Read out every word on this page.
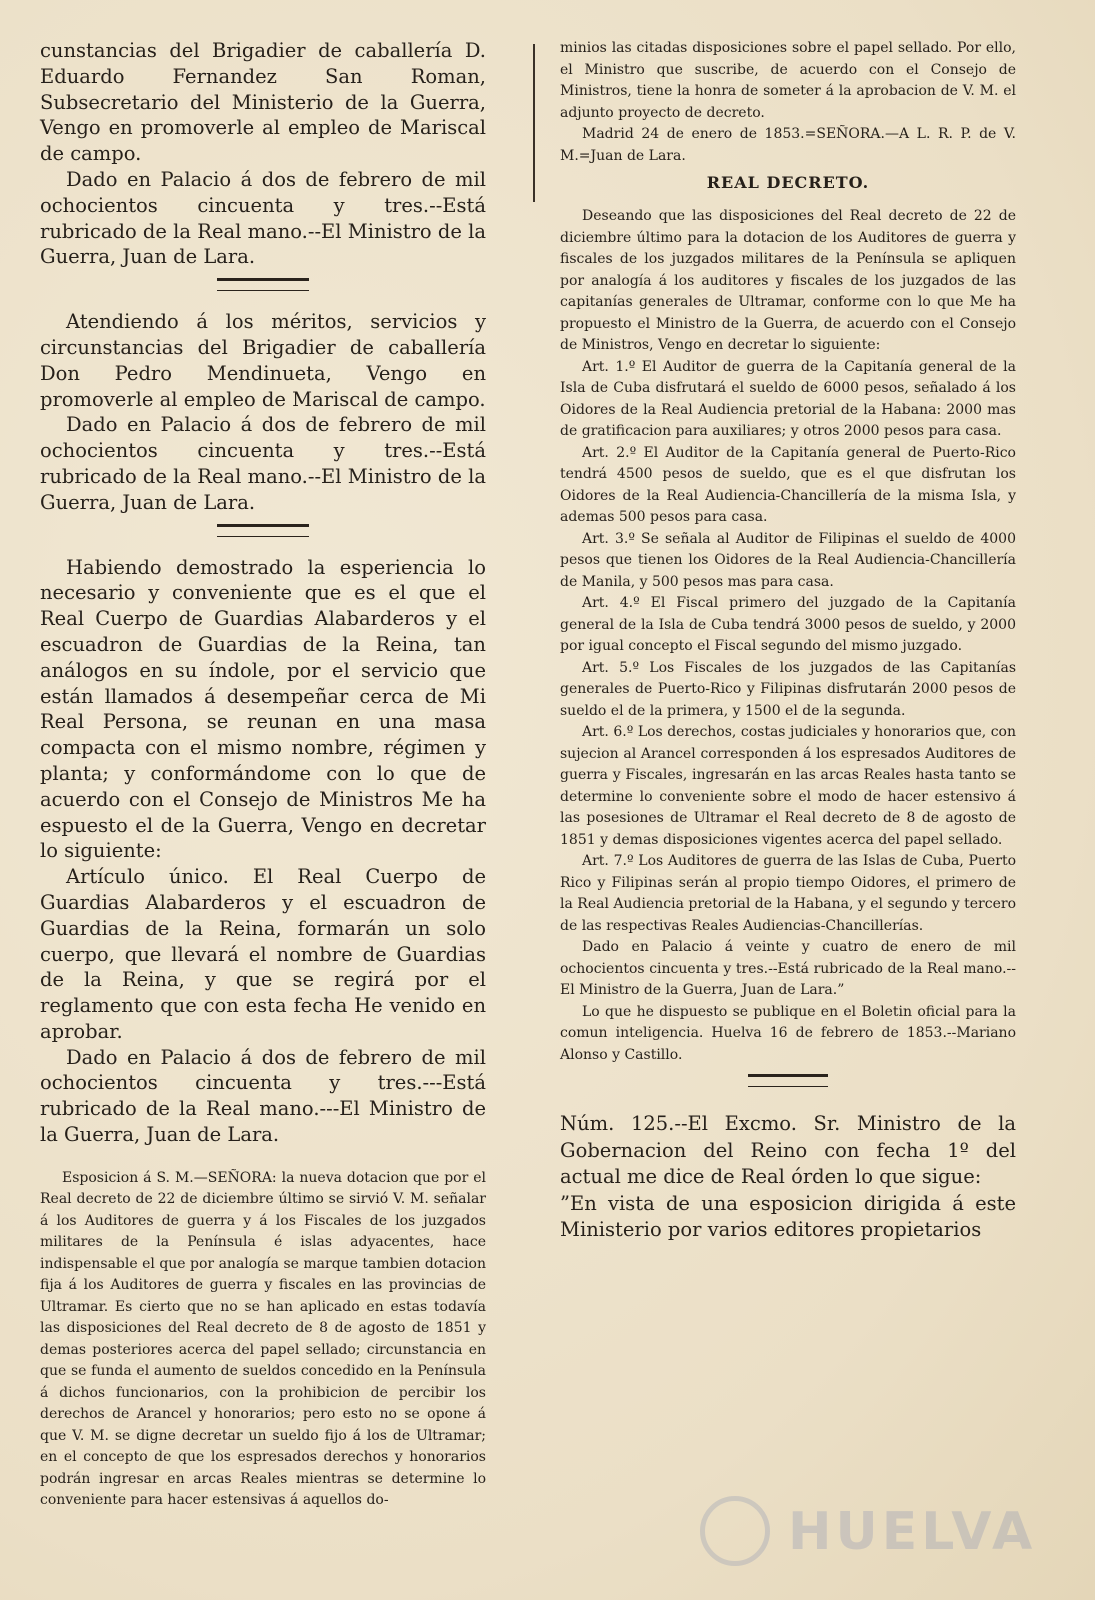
cunstancias del Brigadier de caballería D. Eduardo Fernandez San Roman, Subsecretario del Ministerio de la Guerra, Vengo en promoverle al empleo de Mariscal de campo.

Dado en Palacio á dos de febrero de mil ochocientos cincuenta y tres.--Está rubricado de la Real mano.--El Ministro de la Guerra, Juan de Lara.

Atendiendo á los méritos, servicios y circunstancias del Brigadier de caballería Don Pedro Mendinueta, Vengo en promoverle al empleo de Mariscal de campo.

Dado en Palacio á dos de febrero de mil ochocientos cincuenta y tres.--Está rubricado de la Real mano.--El Ministro de la Guerra, Juan de Lara.

Habiendo demostrado la esperiencia lo necesario y conveniente que es el que el Real Cuerpo de Guardias Alabarderos y el escuadron de Guardias de la Reina, tan análogos en su índole, por el servicio que están llamados á desempeñar cerca de Mi Real Persona, se reunan en una masa compacta con el mismo nombre, régimen y planta; y conformándome con lo que de acuerdo con el Consejo de Ministros Me ha espuesto el de la Guerra, Vengo en decretar lo siguiente:

Artículo único. El Real Cuerpo de Guardias Alabarderos y el escuadron de Guardias de la Reina, formarán un solo cuerpo, que llevará el nombre de Guardias de la Reina, y que se regirá por el reglamento que con esta fecha He venido en aprobar.

Dado en Palacio á dos de febrero de mil ochocientos cincuenta y tres.---Está rubricado de la Real mano.---El Ministro de la Guerra, Juan de Lara.

Esposicion á S. M.—SEÑORA: la nueva dotacion que por el Real decreto de 22 de diciembre último se sirvió V. M. señalar á los Auditores de guerra y á los Fiscales de los juzgados militares de la Península é islas adyacentes, hace indispensable el que por analogía se marque tambien dotacion fija á los Auditores de guerra y fiscales en las provincias de Ultramar. Es cierto que no se han aplicado en estas todavía las disposiciones del Real decreto de 8 de agosto de 1851 y demas posteriores acerca del papel sellado; circunstancia en que se funda el aumento de sueldos concedido en la Península á dichos funcionarios, con la prohibicion de percibir los derechos de Arancel y honorarios; pero esto no se opone á que V. M. se digne decretar un sueldo fijo á los de Ultramar; en el concepto de que los espresados derechos y honorarios podrán ingresar en arcas Reales mientras se determine lo conveniente para hacer estensivas á aquellos do-

minios las citadas disposiciones sobre el papel sellado. Por ello, el Ministro que suscribe, de acuerdo con el Consejo de Ministros, tiene la honra de someter á la aprobacion de V. M. el adjunto proyecto de decreto.

Madrid 24 de enero de 1853.=SEÑORA.—A L. R. P. de V. M.=Juan de Lara.

REAL DECRETO.

Deseando que las disposiciones del Real decreto de 22 de diciembre último para la dotacion de los Auditores de guerra y fiscales de los juzgados militares de la Península se apliquen por analogía á los auditores y fiscales de los juzgados de las capitanías generales de Ultramar, conforme con lo que Me ha propuesto el Ministro de la Guerra, de acuerdo con el Consejo de Ministros, Vengo en decretar lo siguiente:

Art. 1.º El Auditor de guerra de la Capitanía general de la Isla de Cuba disfrutará el sueldo de 6000 pesos, señalado á los Oidores de la Real Audiencia pretorial de la Habana: 2000 mas de gratificacion para auxiliares; y otros 2000 pesos para casa.

Art. 2.º El Auditor de la Capitanía general de Puerto-Rico tendrá 4500 pesos de sueldo, que es el que disfrutan los Oidores de la Real Audiencia-Chancillería de la misma Isla, y ademas 500 pesos para casa.

Art. 3.º Se señala al Auditor de Filipinas el sueldo de 4000 pesos que tienen los Oidores de la Real Audiencia-Chancillería de Manila, y 500 pesos mas para casa.

Art. 4.º El Fiscal primero del juzgado de la Capitanía general de la Isla de Cuba tendrá 3000 pesos de sueldo, y 2000 por igual concepto el Fiscal segundo del mismo juzgado.

Art. 5.º Los Fiscales de los juzgados de las Capitanías generales de Puerto-Rico y Filipinas disfrutarán 2000 pesos de sueldo el de la primera, y 1500 el de la segunda.

Art. 6.º Los derechos, costas judiciales y honorarios que, con sujecion al Arancel corresponden á los espresados Auditores de guerra y Fiscales, ingresarán en las arcas Reales hasta tanto se determine lo conveniente sobre el modo de hacer estensivo á las posesiones de Ultramar el Real decreto de 8 de agosto de 1851 y demas disposiciones vigentes acerca del papel sellado.

Art. 7.º Los Auditores de guerra de las Islas de Cuba, Puerto Rico y Filipinas serán al propio tiempo Oidores, el primero de la Real Audiencia pretorial de la Habana, y el segundo y tercero de las respectivas Reales Audiencias-Chancillerías.

Dado en Palacio á veinte y cuatro de enero de mil ochocientos cincuenta y tres.--Está rubricado de la Real mano.--El Ministro de la Guerra, Juan de Lara.”

Lo que he dispuesto se publique en el Boletin oficial para la comun inteligencia. Huelva 16 de febrero de 1853.--Mariano Alonso y Castillo.

Núm. 125.--El Excmo. Sr. Ministro de la Gobernacion del Reino con fecha 1º del actual me dice de Real órden lo que sigue:

”En vista de una esposicion dirigida á este Ministerio por varios editores propietarios

HUELVA
